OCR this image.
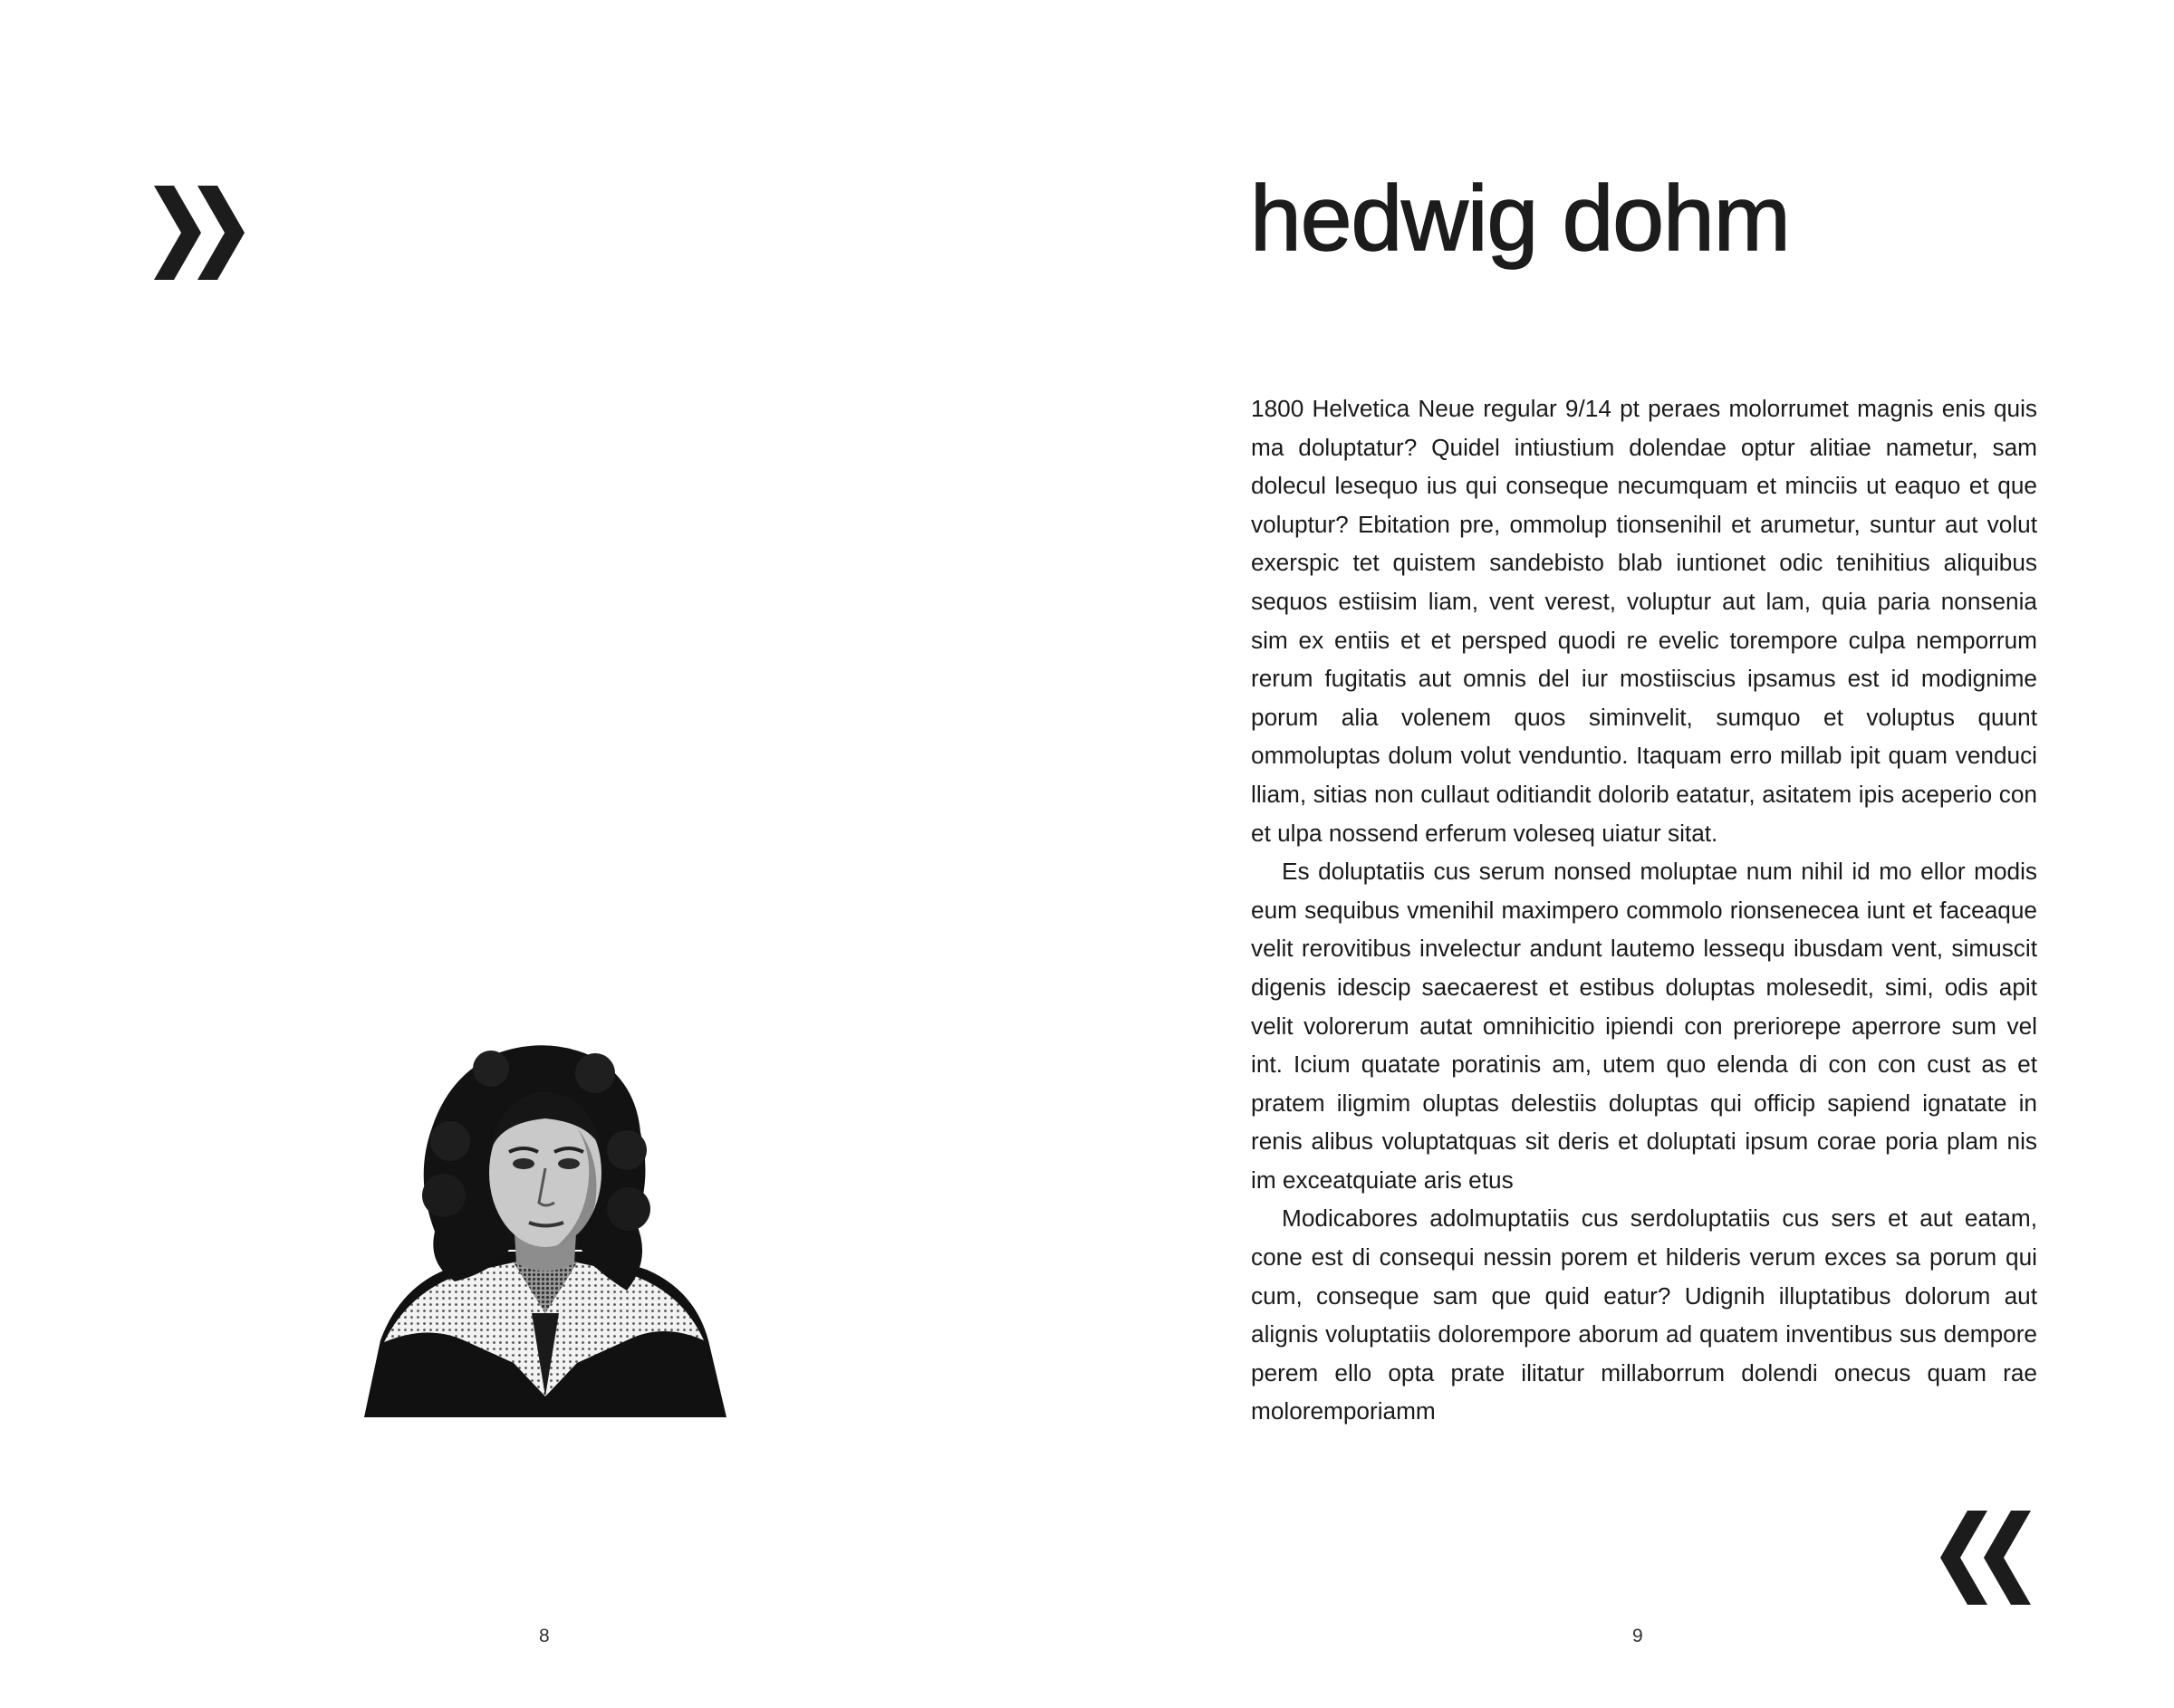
8
hedwig dohm

1800 Helvetica Neue regular 9/14 pt peraes molorrumet magnis enis quis ma doluptatur? Quidel intiustium dolendae optur alitiae nametur, sam dolecul lesequo ius qui conseque necumquam et minciis ut eaquo et que voluptur? Ebitation pre, ommolup tionsenihil et arumetur, suntur aut volut exerspic tet quistem sandebisto blab iuntionet odic tenihitius aliquibus sequos estiisim liam, vent verest, voluptur aut lam, quia paria nonsenia sim ex entiis et et persped quodi re evelic torempore culpa nemporrum rerum fugitatis aut omnis del iur mostiiscius ipsamus est id modignime porum alia volenem quos siminvelit, sumquo et voluptus quunt ommoluptas dolum volut venduntio. Itaquam erro millab ipit quam venduci lliam, sitias non cullaut oditiandit dolorib eatatur, asitatem ipis aceperio con et ulpa nossend erferum voleseq uiatur sitat.

Es doluptatiis cus serum nonsed moluptae num nihil id mo ellor modis eum sequibus vmenihil maximpero commolo rionsenecea iunt et faceaque velit rerovitibus invelectur andunt lautemo lessequ ibusdam vent, simuscit digenis idescip saecaerest et estibus doluptas molesedit, simi, odis apit velit volorerum autat omnihicitio ipiendi con preriorepe aperrore sum vel int. Icium quatate poratinis am, utem quo elenda di con con cust as et pratem iligmim oluptas delestiis doluptas qui officip sapiend ignatate in renis alibus voluptatquas sit deris et doluptati ipsum corae poria plam nis im exceatquiate aris etus

Modicabores adolmuptatiis cus serdoluptatiis cus sers et aut eatam, cone est di consequi nessin porem et hilderis verum exces sa porum qui cum, conseque sam que quid eatur? Udignih illuptatibus dolorum aut alignis voluptatiis dolorempore aborum ad quatem inventibus sus dempore perem ello opta prate ilitatur millaborrum dolendi onecus quam rae moloremporiamm

9
